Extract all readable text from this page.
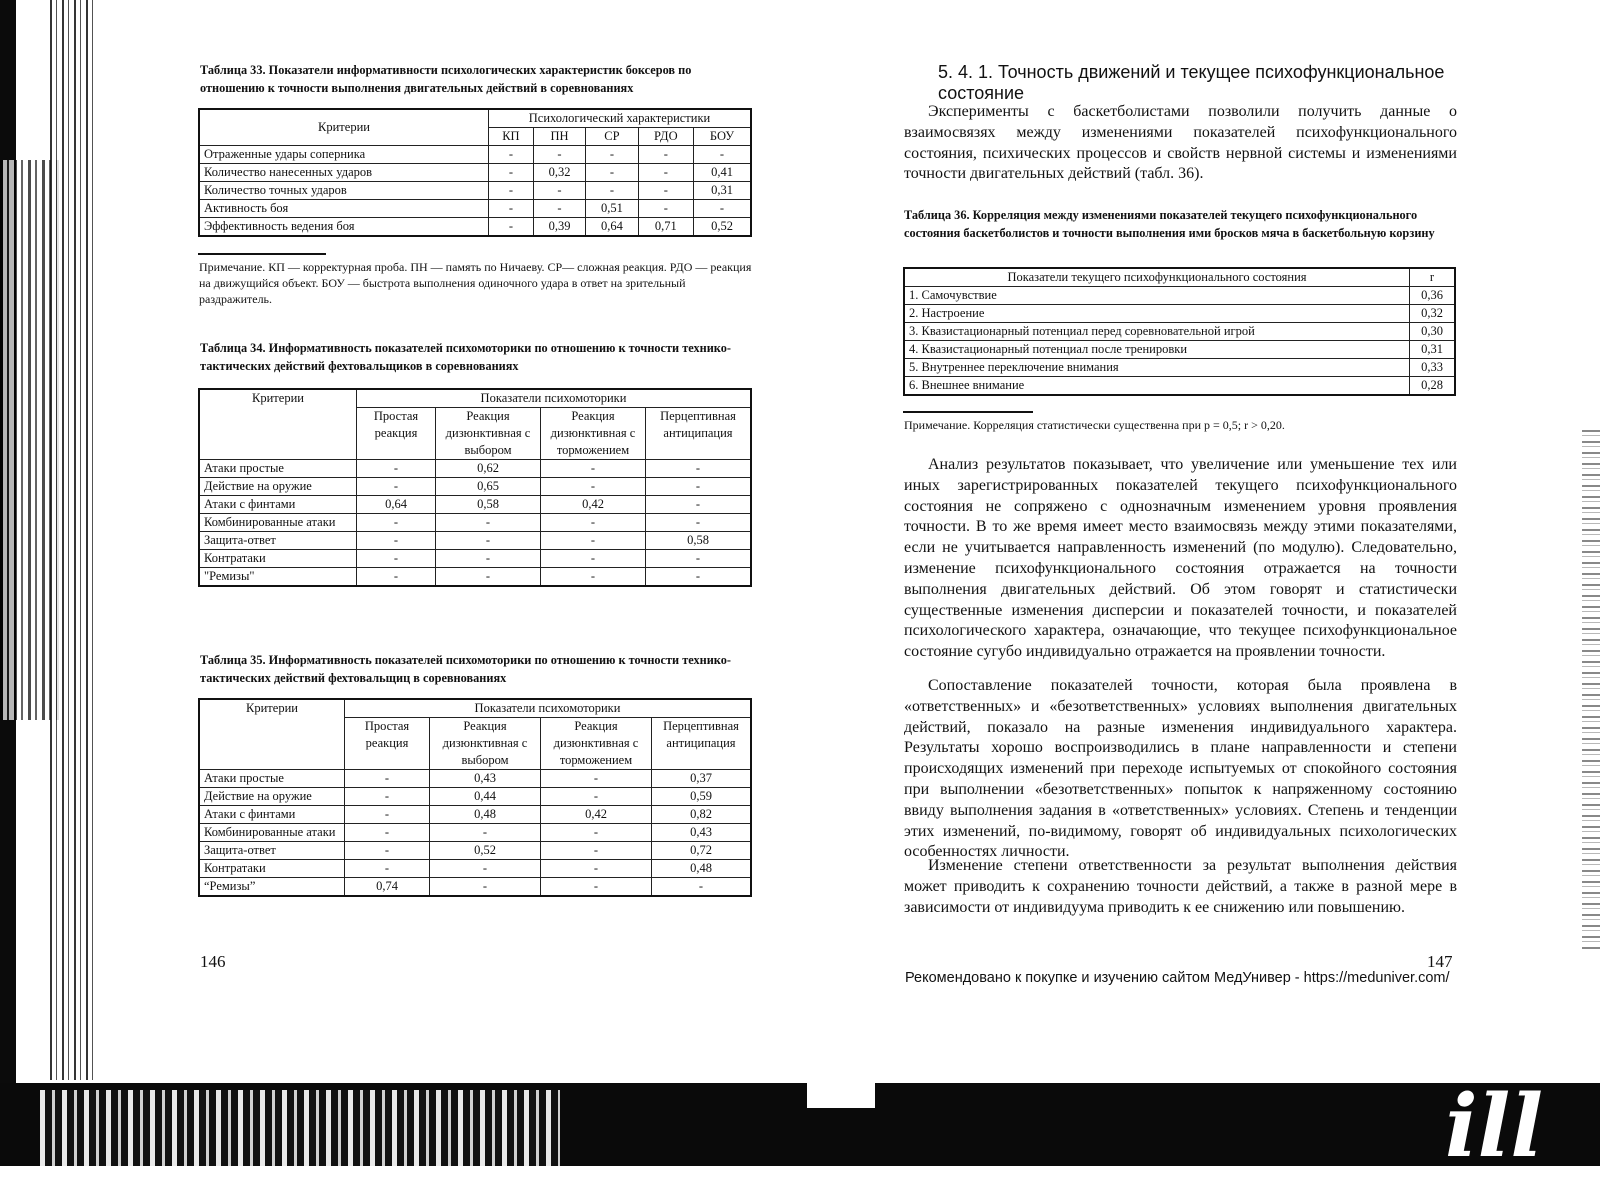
ill
Таблица 33. Показатели информативности психологических характеристик боксеров по отношению к точности выполнения двигательных действий в соревнованиях
Критерии	Психологический характеристики				
	КП	ПН	СР	РДО	БОУ
Отраженные удары соперника	-	-	-	-	-
Количество нанесенных ударов	-	0,32	-	-	0,41
Количество точных ударов	-	-	-	-	0,31
Активность боя	-	-	0,51	-	-
Эффективность ведения боя	-	0,39	0,64	0,71	0,52
Примечание. КП — корректурная проба. ПН — память по Ничаеву. СР— сложная реакция. РДО — реакция на движущийся объект. БОУ — быстрота выполнения одиночного удара в ответ на зрительный раздражитель.
Таблица 34. Информативность показателей психомоторики по отношению к точности технико-тактических действий фехтовальщиков в соревнованиях
Критерии	Показатели психомоторики			
	Простая реакция	Реакция дизюнктивная с выбором	Реакция дизюнктивная с торможением	Перцептивная антиципация
Атаки простые	-	0,62	-	-
Действие на оружие	-	0,65	-	-
Атаки с финтами	0,64	0,58	0,42	-
Комбинированные атаки	-	-	-	-
Защита-ответ	-	-	-	0,58
Контратаки	-	-	-	-
"Ремизы"	-	-	-	-
Таблица 35. Информативность показателей психомоторики по отношению к точности технико-тактических действий фехтовальщиц в соревнованиях
Критерии	Показатели психомоторики			
	Простая реакция	Реакция дизюнктивная с выбором	Реакция дизюнктивная с торможением	Перцептивная антиципация
Атаки простые	-	0,43	-	0,37
Действие на оружие	-	0,44	-	0,59
Атаки с финтами	-	0,48	0,42	0,82
Комбинированные атаки	-	-	-	0,43
Защита-ответ	-	0,52	-	0,72
Контратаки	-	-	-	0,48
“Ремизы”	0,74	-	-	-
146
5. 4. 1. Точность движений и текущее психофункциональное состояние
Эксперименты с баскетболистами позволили получить данные о взаимосвязях между изменениями показателей психофункционального состояния, психических процессов и свойств нервной системы и изменениями точности двигательных действий (табл. 36).
Таблица 36. Корреляция между изменениями показателей текущего психофункционального состояния баскетболистов и точности выполнения ими бросков мяча в баскетбольную корзину
Показатели текущего психофункционального состояния	r
1. Самочувствие	0,36
2. Настроение	0,32
3. Квазистационарный потенциал перед соревновательной игрой	0,30
4. Квазистационарный потенциал после тренировки	0,31
5. Внутреннее переключение внимания	0,33
6. Внешнее внимание	0,28
Примечание. Корреляция статистически существенна при р = 0,5; r > 0,20.
Анализ результатов показывает, что увеличение или уменьшение тех или иных зарегистрированных показателей текущего психофункционального состояния не сопряжено с однозначным изменением уровня проявления точности. В то же время имеет место взаимосвязь между этими показателями, если не учитывается направленность изменений (по модулю). Следовательно, изменение психофункционального состояния отражается на точности выполнения двигательных действий. Об этом говорят и статистически существенные изменения дисперсии и показателей точности, и показателей психологического характера, означающие, что текущее психофункциональное состояние сугубо индивидуально отражается на проявлении точности.
Сопоставление показателей точности, которая была проявлена в «ответственных» и «безответственных» условиях выполнения двигательных действий, показало на разные изменения индивидуального характера. Результаты хорошо воспроизводились в плане направленности и степени происходящих изменений при переходе испытуемых от спокойного состояния при выполнении «безответственных» попыток к напряженному состоянию ввиду выполнения задания в «ответственных» условиях. Степень и тенденции этих изменений, по-видимому, говорят об индивидуальных психологических особенностях личности.
Изменение степени ответственности за результат выполнения действия может приводить к сохранению точности действий, а также в разной мере в зависимости от индивидуума приводить к ее снижению или повышению.
147
Рекомендовано к покупке и изучению сайтом МедУнивер - https://meduniver.com/
